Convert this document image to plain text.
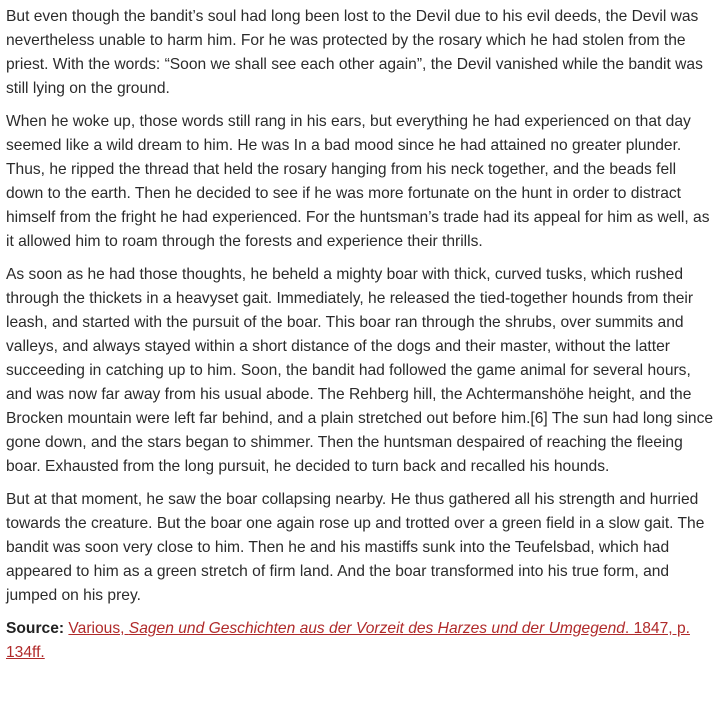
But even though the bandit’s soul had long been lost to the Devil due to his evil deeds, the Devil was nevertheless unable to harm him. For he was protected by the rosary which he had stolen from the priest. With the words: “Soon we shall see each other again”, the Devil vanished while the bandit was still lying on the ground.

When he woke up, those words still rang in his ears, but everything he had experienced on that day seemed like a wild dream to him. He was In a bad mood since he had attained no greater plunder. Thus, he ripped the thread that held the rosary hanging from his neck together, and the beads fell down to the earth. Then he decided to see if he was more fortunate on the hunt in order to distract himself from the fright he had experienced. For the huntsman’s trade had its appeal for him as well, as it allowed him to roam through the forests and experience their thrills.

As soon as he had those thoughts, he beheld a mighty boar with thick, curved tusks, which rushed through the thickets in a heavyset gait. Immediately, he released the tied-together hounds from their leash, and started with the pursuit of the boar. This boar ran through the shrubs, over summits and valleys, and always stayed within a short distance of the dogs and their master, without the latter succeeding in catching up to him. Soon, the bandit had followed the game animal for several hours, and was now far away from his usual abode. The Rehberg hill, the Achtermanshöhe height, and the Brocken mountain were left far behind, and a plain stretched out before him.[6] The sun had long since gone down, and the stars began to shimmer. Then the huntsman despaired of reaching the fleeing boar. Exhausted from the long pursuit, he decided to turn back and recalled his hounds.

But at that moment, he saw the boar collapsing nearby. He thus gathered all his strength and hurried towards the creature. But the boar one again rose up and trotted over a green field in a slow gait. The bandit was soon very close to him. Then he and his mastiffs sunk into the Teufelsbad, which had appeared to him as a green stretch of firm land. And the boar transformed into his true form, and jumped on his prey.

Source: Various, Sagen und Geschichten aus der Vorzeit des Harzes und der Umgegend. 1847, p. 134ff.
